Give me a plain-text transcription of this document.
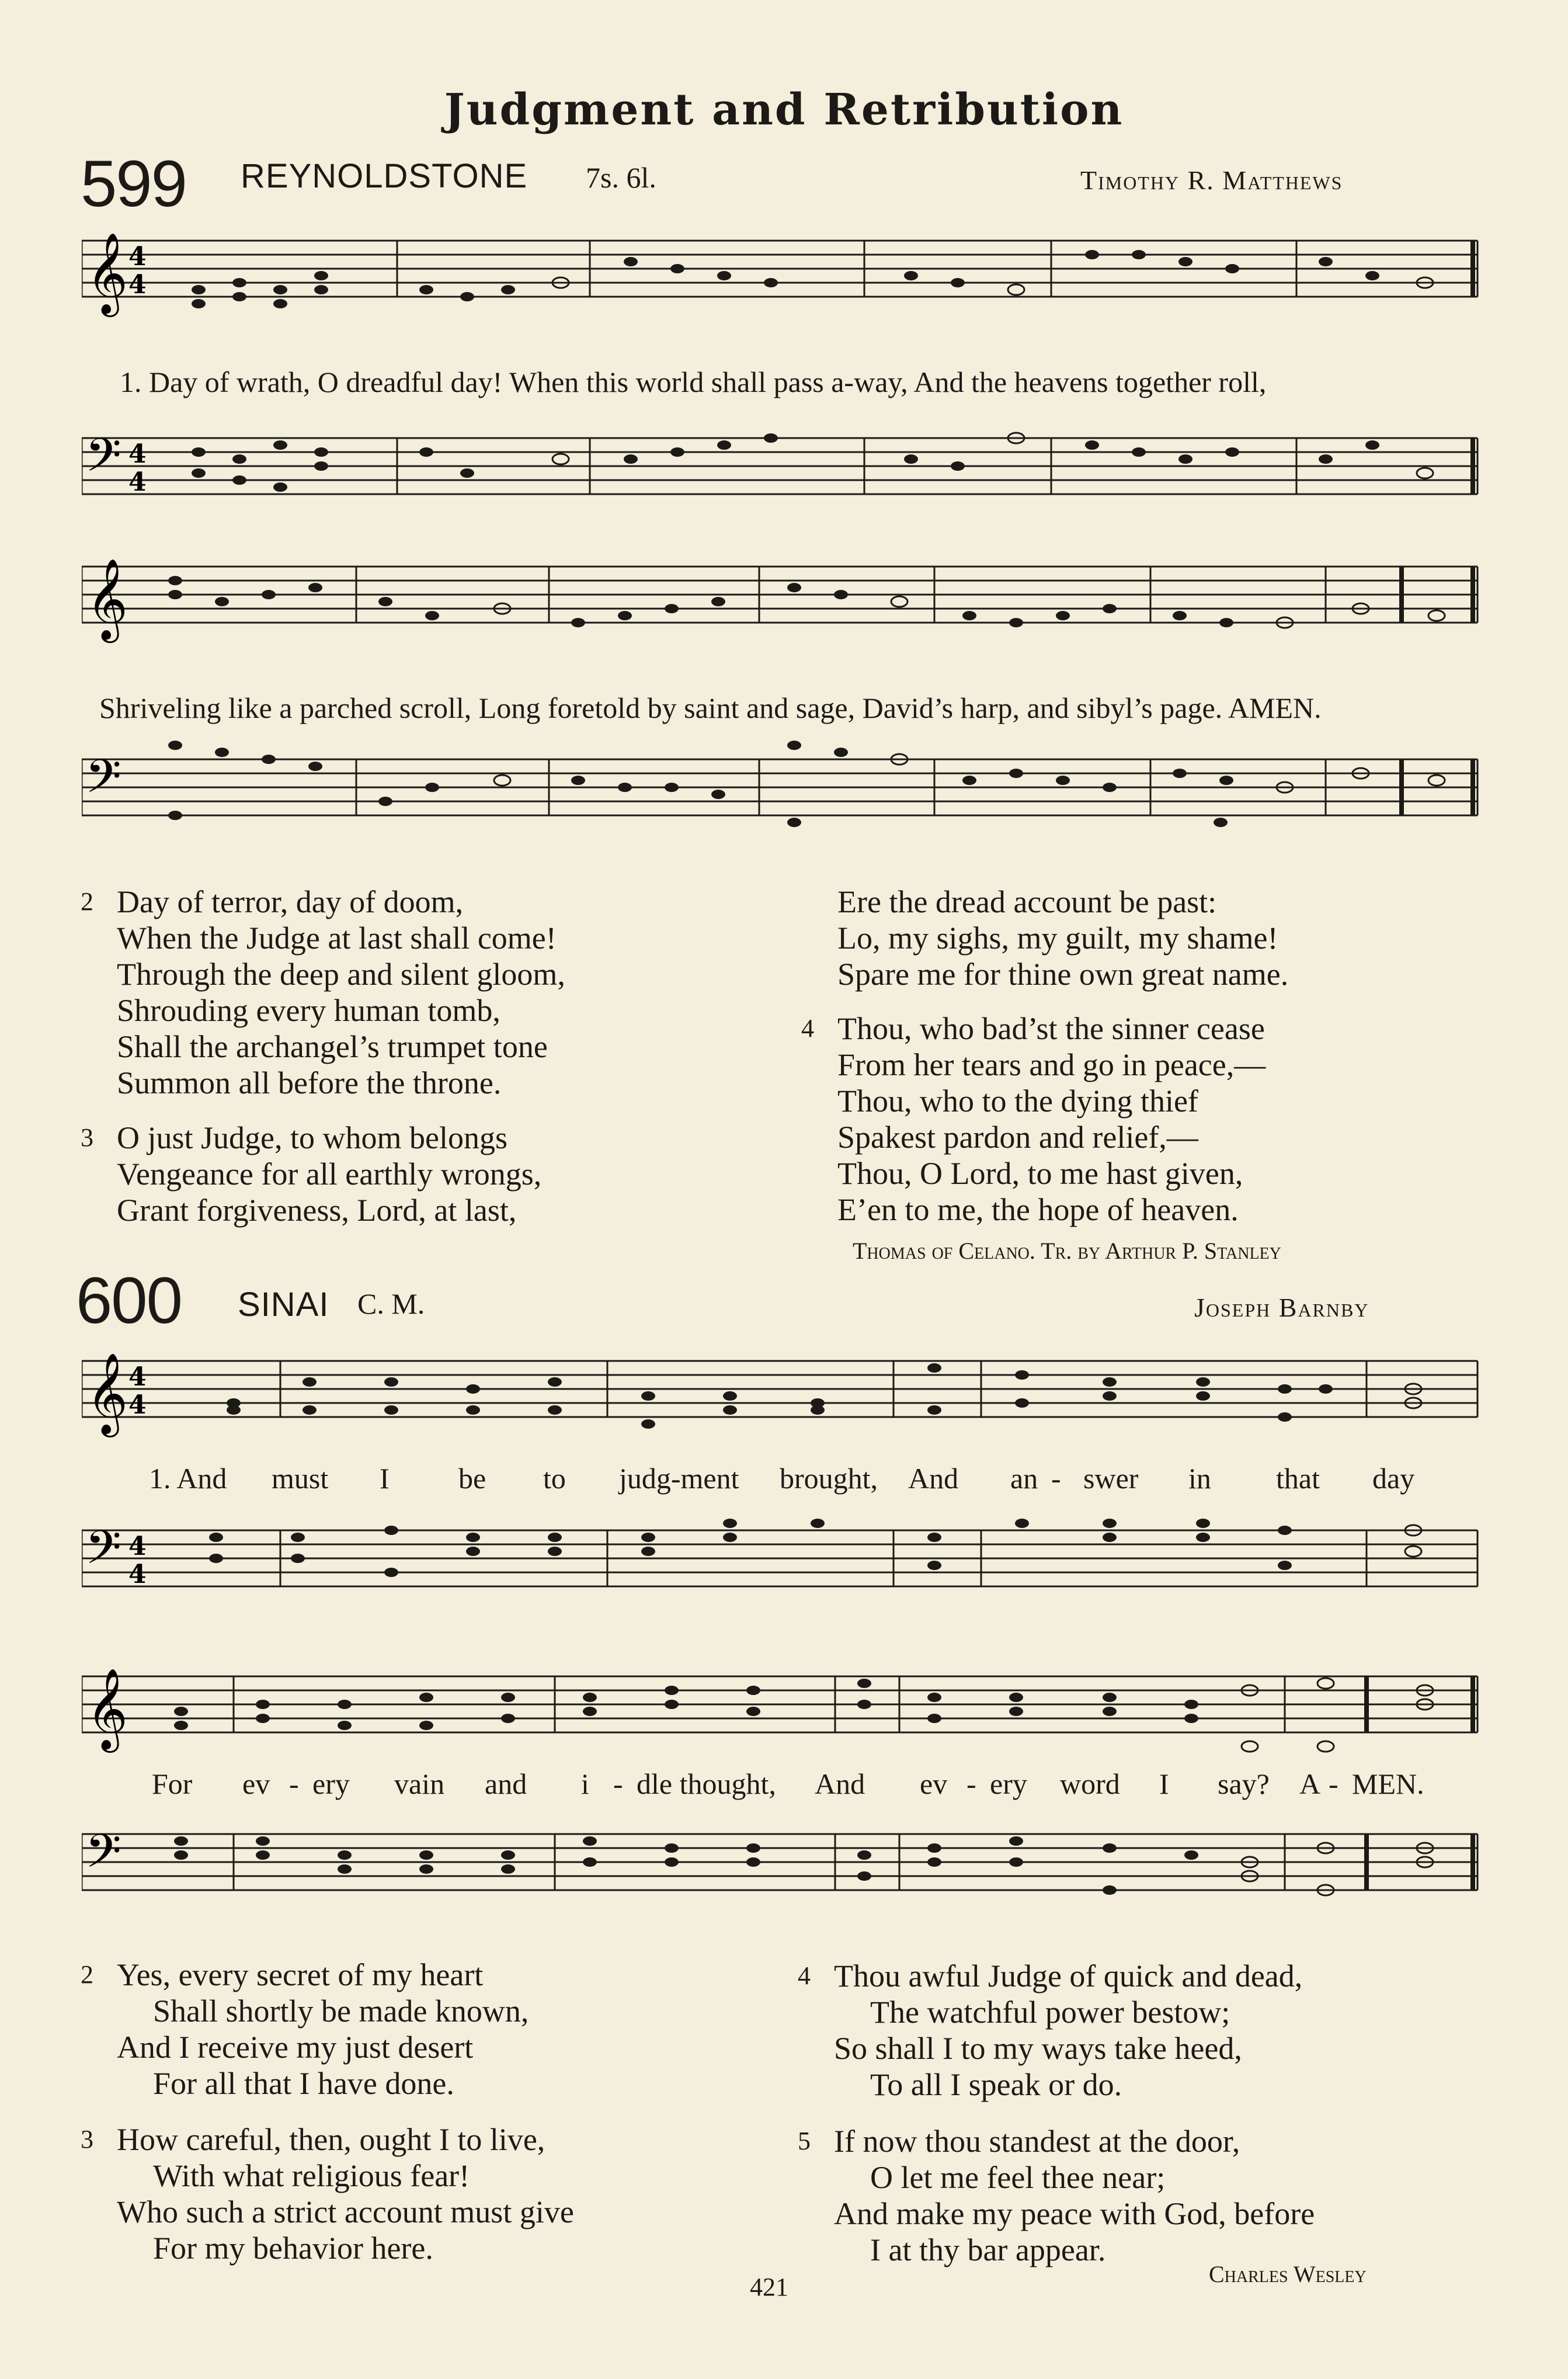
Judgment and Retribution
599 REYNOLDSTONE 7s. 6l.	Timothy R. Matthews
𝄞 4
4
1. Day of wrath, O dreadful day! When this world shall pass a-way, And the heavens together roll,
𝄢 4
4
𝄞
Shriveling like a parched scroll, Long foretold by saint and sage, David’s harp, and sibyl’s page. AMEN.
𝄢
2 Day of terror, day of doom,
When the Judge at last shall come!
Through the deep and silent gloom,
Shrouding every human tomb,
Shall the archangel’s trumpet tone
Summon all before the throne.
3 O just Judge, to whom belongs
Vengeance for all earthly wrongs,
Grant forgiveness, Lord, at last,
Ere the dread account be past:
Lo, my sighs, my guilt, my shame!
Spare me for thine own great name.
4 Thou, who bad’st the sinner cease
From her tears and go in peace,—
Thou, who to the dying thief
Spakest pardon and relief,—
Thou, O Lord, to me hast given,
E’en to me, the hope of heaven.
Thomas of Celano. Tr. by Arthur P. Stanley
600 SINAI C. M.	Joseph Barnby
𝄞 4
4
1. And must I be to judg-ment brought, And an - swer in that day
𝄢 4
4
𝄞
For ev - ery vain and i - dle thought, And ev - ery word I say? A - MEN.
𝄢
2 Yes, every secret of my heart
Shall shortly be made known,
And I receive my just desert
For all that I have done.
3 How careful, then, ought I to live,
With what religious fear!
Who such a strict account must give
For my behavior here.
4 Thou awful Judge of quick and dead,
The watchful power bestow;
So shall I to my ways take heed,
To all I speak or do.
5 If now thou standest at the door,
O let me feel thee near;
And make my peace with God, before
I at thy bar appear.
Charles Wesley
421
